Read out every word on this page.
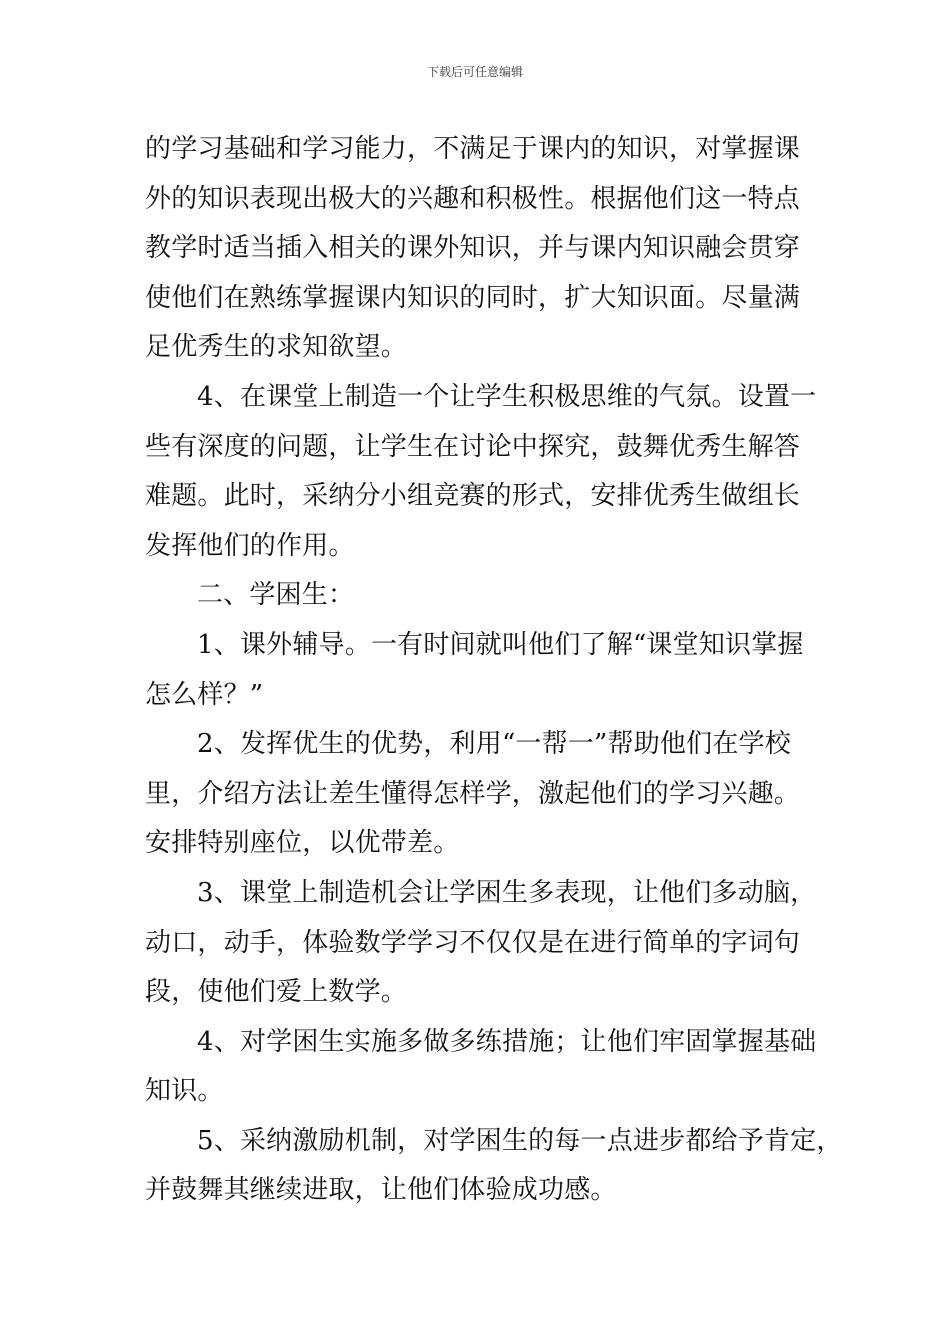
下载后可任意编辑

的学习基础和学习能力，不满足于课内的知识，对掌握课
外的知识表现出极大的兴趣和积极性。根据他们这一特点
教学时适当插入相关的课外知识，并与课内知识融会贯穿
使他们在熟练掌握课内知识的同时，扩大知识面。尽量满
足优秀生的求知欲望。

4、在课堂上制造一个让学生积极思维的气氛。设置一
些有深度的问题，让学生在讨论中探究，鼓舞优秀生解答
难题。此时，采纳分小组竞赛的形式，安排优秀生做组长
发挥他们的作用。

二、学困生：

1、课外辅导。一有时间就叫他们了解“课堂知识掌握
怎么样？”

2、发挥优生的优势，利用“一帮一”帮助他们在学校
里，介绍方法让差生懂得怎样学，激起他们的学习兴趣。
安排特别座位，以优带差。

3、课堂上制造机会让学困生多表现，让他们多动脑，
动口，动手，体验数学学习不仅仅是在进行简单的字词句
段，使他们爱上数学。

4、对学困生实施多做多练措施；让他们牢固掌握基础
知识。

5、采纳激励机制，对学困生的每一点进步都给予肯定，
并鼓舞其继续进取，让他们体验成功感。
